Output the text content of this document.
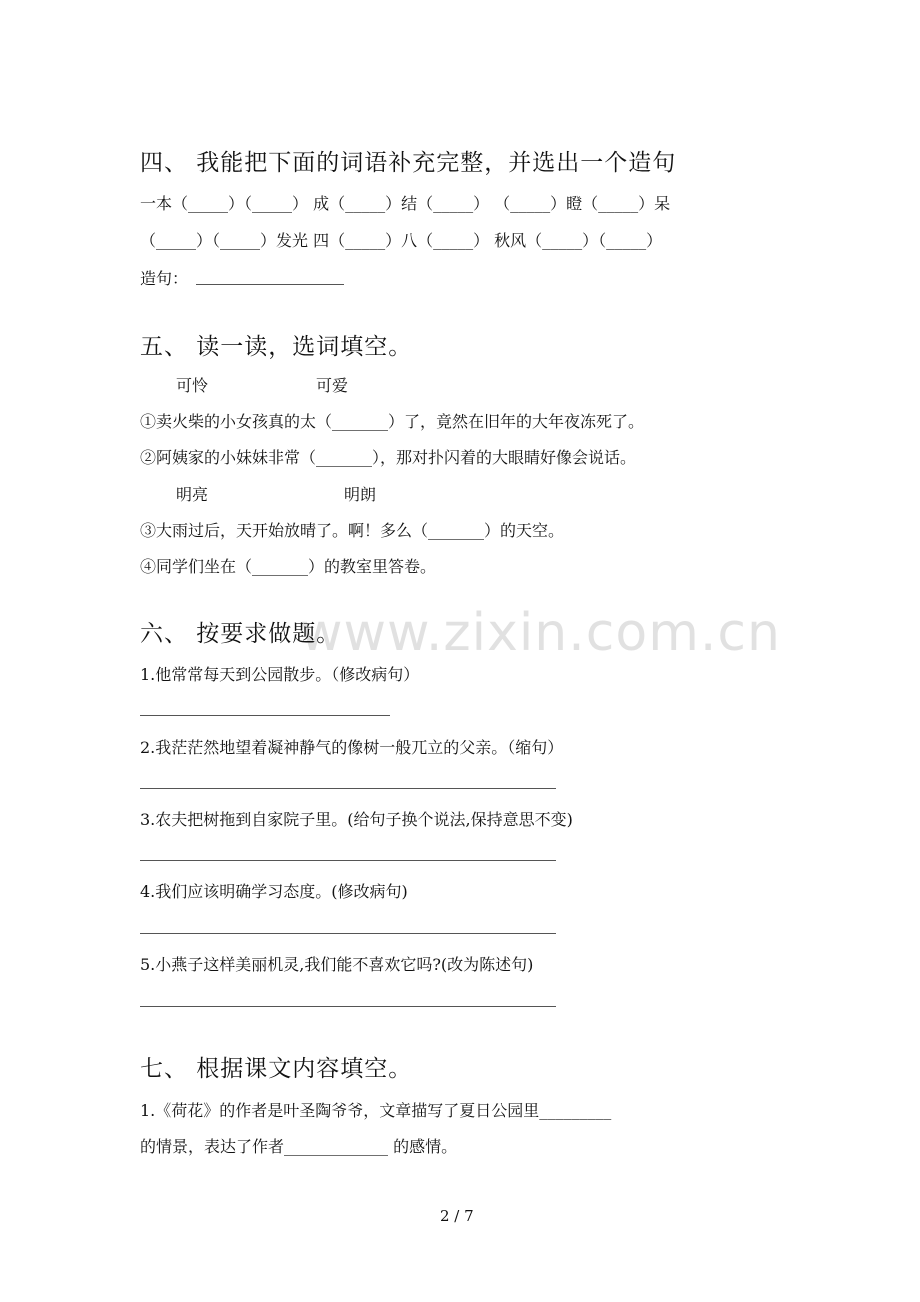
www.zixin.com.cn
四、 我能把下面的词语补充完整，并选出一个造句
一本（_____）（_____） 成（_____）结（_____） （_____）瞪（_____）呆
（_____）（_____）发光 四（_____）八（_____） 秋风（_____）（_____）
造句：
五、 读一读，选词填空。
可怜	可爱
①卖火柴的小女孩真的太（_______）了，竟然在旧年的大年夜冻死了。
②阿姨家的小妹妹非常（_______），那对扑闪着的大眼睛好像会说话。
明亮	明朗
③大雨过后，天开始放晴了。啊！多么（_______）的天空。
④同学们坐在（_______）的教室里答卷。
六、 按要求做题。
1.他常常每天到公园散步。（修改病句）
2.我茫茫然地望着凝神静气的像树一般兀立的父亲。（缩句）
3.农夫把树拖到自家院子里。(给句子换个说法,保持意思不变)
4.我们应该明确学习态度。(修改病句)
5.小燕子这样美丽机灵,我们能不喜欢它吗?(改为陈述句)
七、 根据课文内容填空。
1.《荷花》的作者是叶圣陶爷爷，文章描写了夏日公园里_________
的情景，表达了作者_____________ 的感情。
2 / 7
